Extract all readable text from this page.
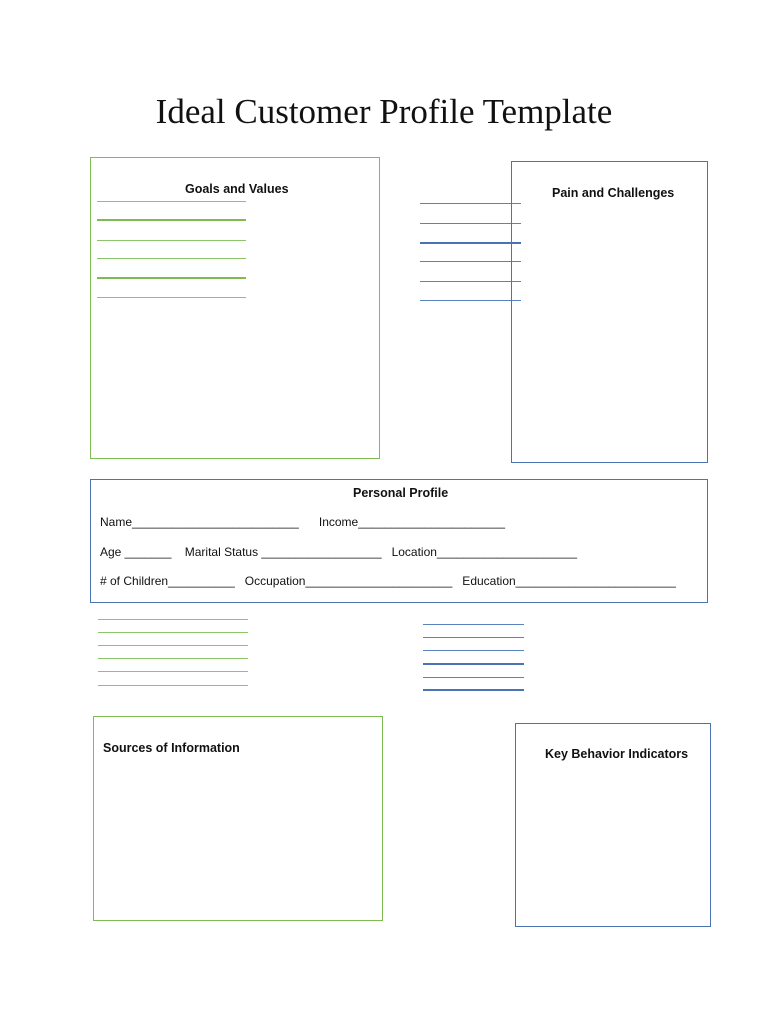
Ideal Customer Profile Template
Goals and Values	Pain and Challenges
Personal Profile
Name_________________________      Income______________________
Age _______    Marital Status __________________   Location_____________________
# of Children__________   Occupation______________________   Education________________________
Sources of Information	Key Behavior Indicators
